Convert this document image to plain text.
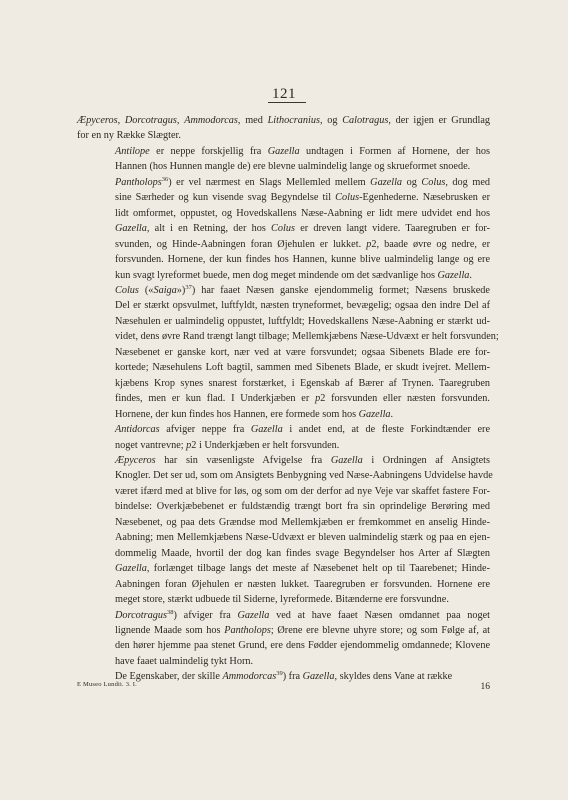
121

Æpyceros, Dorcotragus, Ammodorcas, med Lithocranius, og Calotragus, der igjen er Grundlag
for en ny Række Slægter.

Antilope er neppe forskjellig fra Gazella undtagen i Formen af Hornene, der hos
Hannen (hos Hunnen mangle de) ere blevne ualmindelig lange og skrueformet snoede.

Pantholops$^{36}$) er vel nærmest en Slags Mellemled mellem Gazella og Colus, dog med
sine Særheder og kun visende svag Begyndelse til Colus-Egenhederne. Næsebrusken er
lidt omformet, oppustet, og Hovedskallens Næse-Aabning er lidt mere udvidet end hos
Gazella, alt i en Retning, der hos Colus er dreven langt videre. Taaregruben er for-
svunden, og Hinde-Aabningen foran Øjehulen er lukket. p2, baade øvre og nedre, er
forsvunden. Hornene, der kun findes hos Hannen, kunne blive ualmindelig lange og ere
kun svagt lyreformet buede, men dog meget mindende om det sædvanlige hos Gazella.

Colus («Saiga»)$^{37}$) har faaet Næsen ganske ejendommelig formet; Næsens bruskede
Del er stærkt opsvulmet, luftfyldt, næsten tryneformet, bevægelig; ogsaa den indre Del af
Næsehulen er ualmindelig oppustet, luftfyldt; Hovedskallens Næse-Aabning er stærkt ud-
videt, dens øvre Rand trængt langt tilbage; Mellemkjæbens Næse-Udvæxt er helt forsvunden;
Næsebenet er ganske kort, nær ved at være forsvundet; ogsaa Sibenets Blade ere for-
kortede; Næsehulens Loft bagtil, sammen med Sibenets Blade, er skudt ivejret. Mellem-
kjæbens Krop synes snarest forstærket, i Egenskab af Bærer af Trynen. Taaregruben
findes, men er kun flad. I Underkjæben er p2 forsvunden eller næsten forsvunden.
Hornene, der kun findes hos Hannen, ere formede som hos Gazella.

Antidorcas afviger neppe fra Gazella i andet end, at de fleste Forkindtænder ere
noget vantrevne; p2 i Underkjæben er helt forsvunden.

Æpyceros har sin væsenligste Afvigelse fra Gazella i Ordningen af Ansigtets
Knogler. Det ser ud, som om Ansigtets Benbygning ved Næse-Aabningens Udvidelse havde
været ifærd med at blive for løs, og som om der derfor ad nye Veje var skaffet fastere For-
bindelse: Overkjæbebenet er fuldstændig trængt bort fra sin oprindelige Berøring med
Næsebenet, og paa dets Grændse mod Mellemkjæben er fremkommet en anselig Hinde-
Aabning; men Mellemkjæbens Næse-Udvæxt er bleven ualmindelig stærk og paa en ejen-
dommelig Maade, hvortil der dog kan findes svage Begyndelser hos Arter af Slægten
Gazella, forlænget tilbage langs det meste af Næsebenet helt op til Taarebenet; Hinde-
Aabningen foran Øjehulen er næsten lukket. Taaregruben er forsvunden. Hornene ere
meget store, stærkt udbuede til Siderne, lyreformede. Bitænderne ere forsvundne.

Dorcotragus$^{38}$) afviger fra Gazella ved at have faaet Næsen omdannet paa noget
lignende Maade som hos Pantholops; Ørene ere blevne uhyre store; og som Følge af, at
den hører hjemme paa stenet Grund, ere dens Fødder ejendommelig omdannede; Klovene
have faaet ualmindelig tykt Horn.

De Egenskaber, der skille Ammodorcas$^{39}$) fra Gazella, skyldes dens Vane at række

E Museo Lundii. 3. I.	16
